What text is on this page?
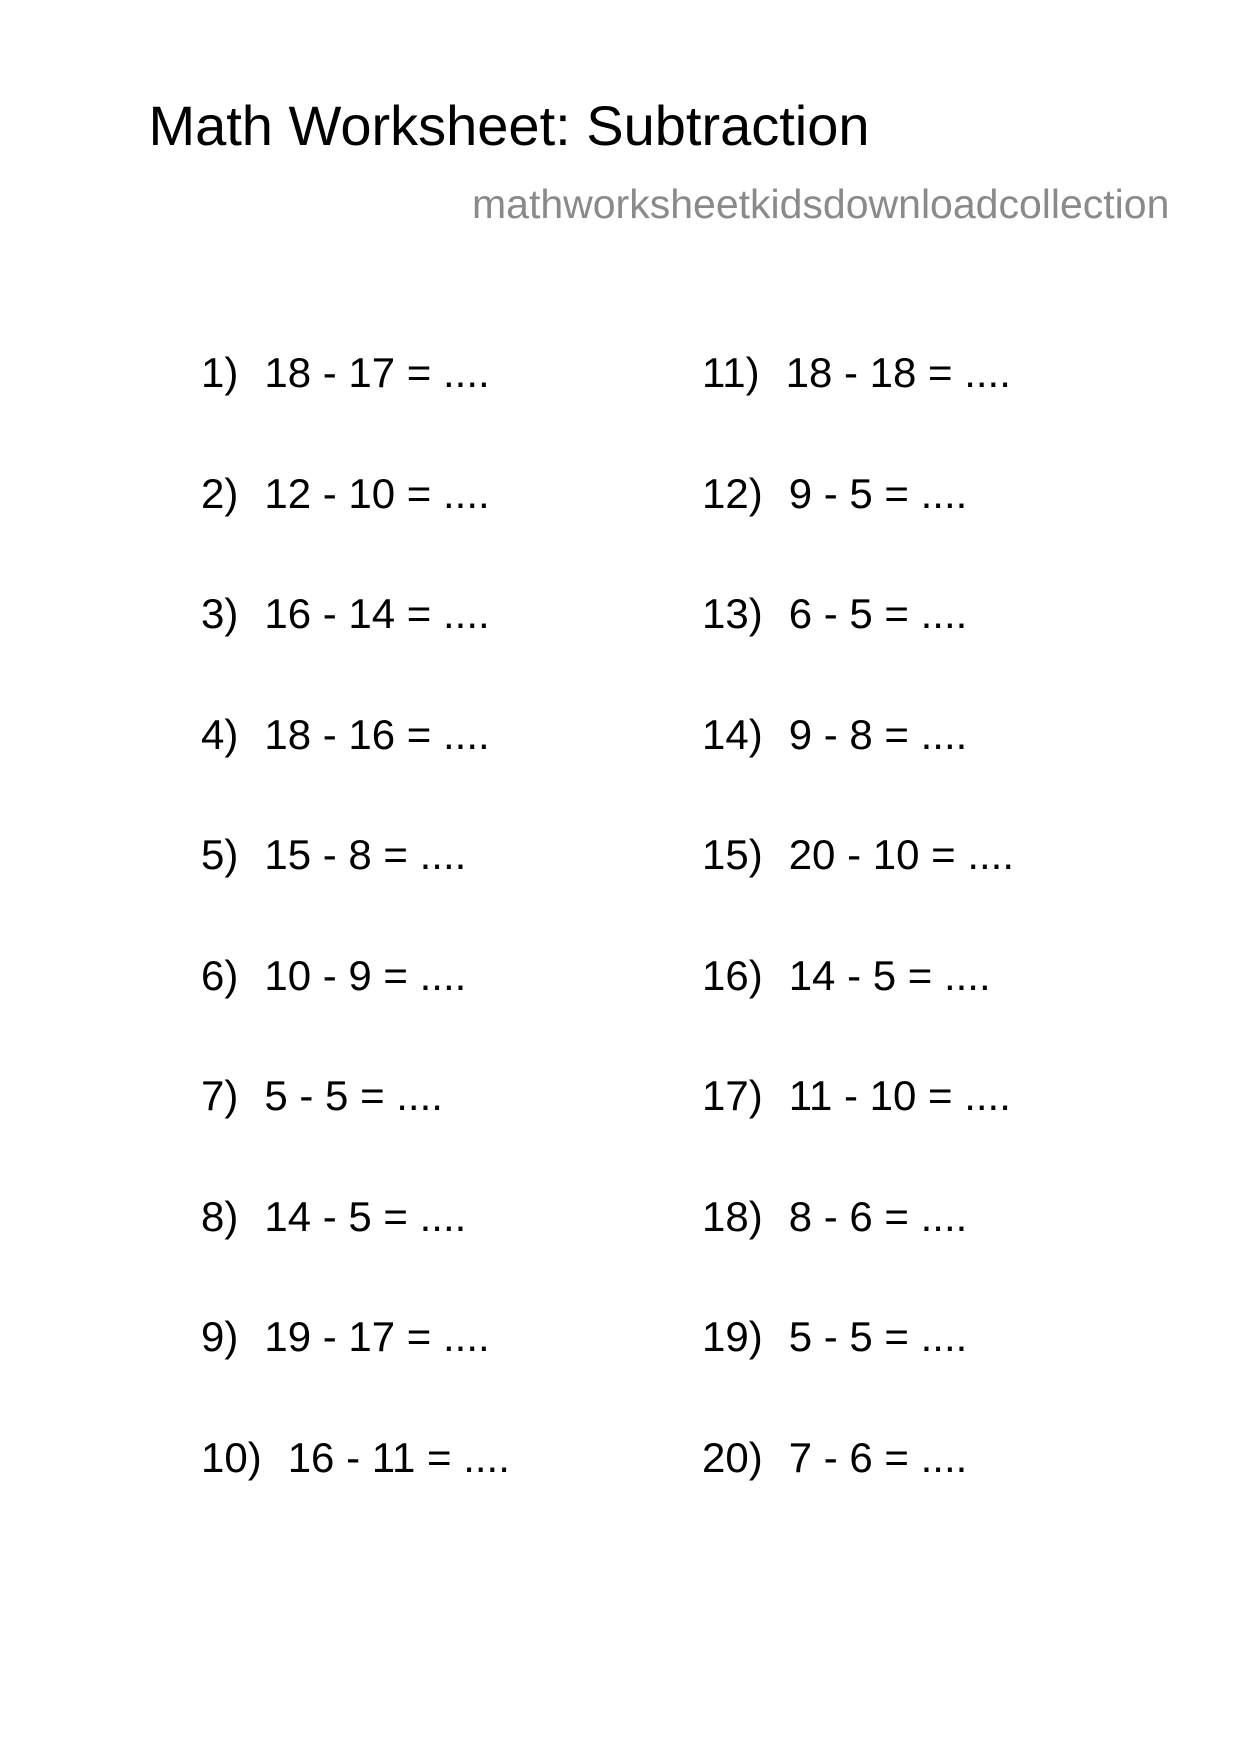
Math Worksheet: Subtraction
mathworksheetkidsdownloadcollection
1) 18 - 17 = ....
2) 12 - 10 = ....
3) 16 - 14 = ....
4) 18 - 16 = ....
5) 15 - 8 = ....
6) 10 - 9 = ....
7) 5 - 5 = ....
8) 14 - 5 = ....
9) 19 - 17 = ....
10) 16 - 11 = ....
11) 18 - 18 = ....
12) 9 - 5 = ....
13) 6 - 5 = ....
14) 9 - 8 = ....
15) 20 - 10 = ....
16) 14 - 5 = ....
17) 11 - 10 = ....
18) 8 - 6 = ....
19) 5 - 5 = ....
20) 7 - 6 = ....
